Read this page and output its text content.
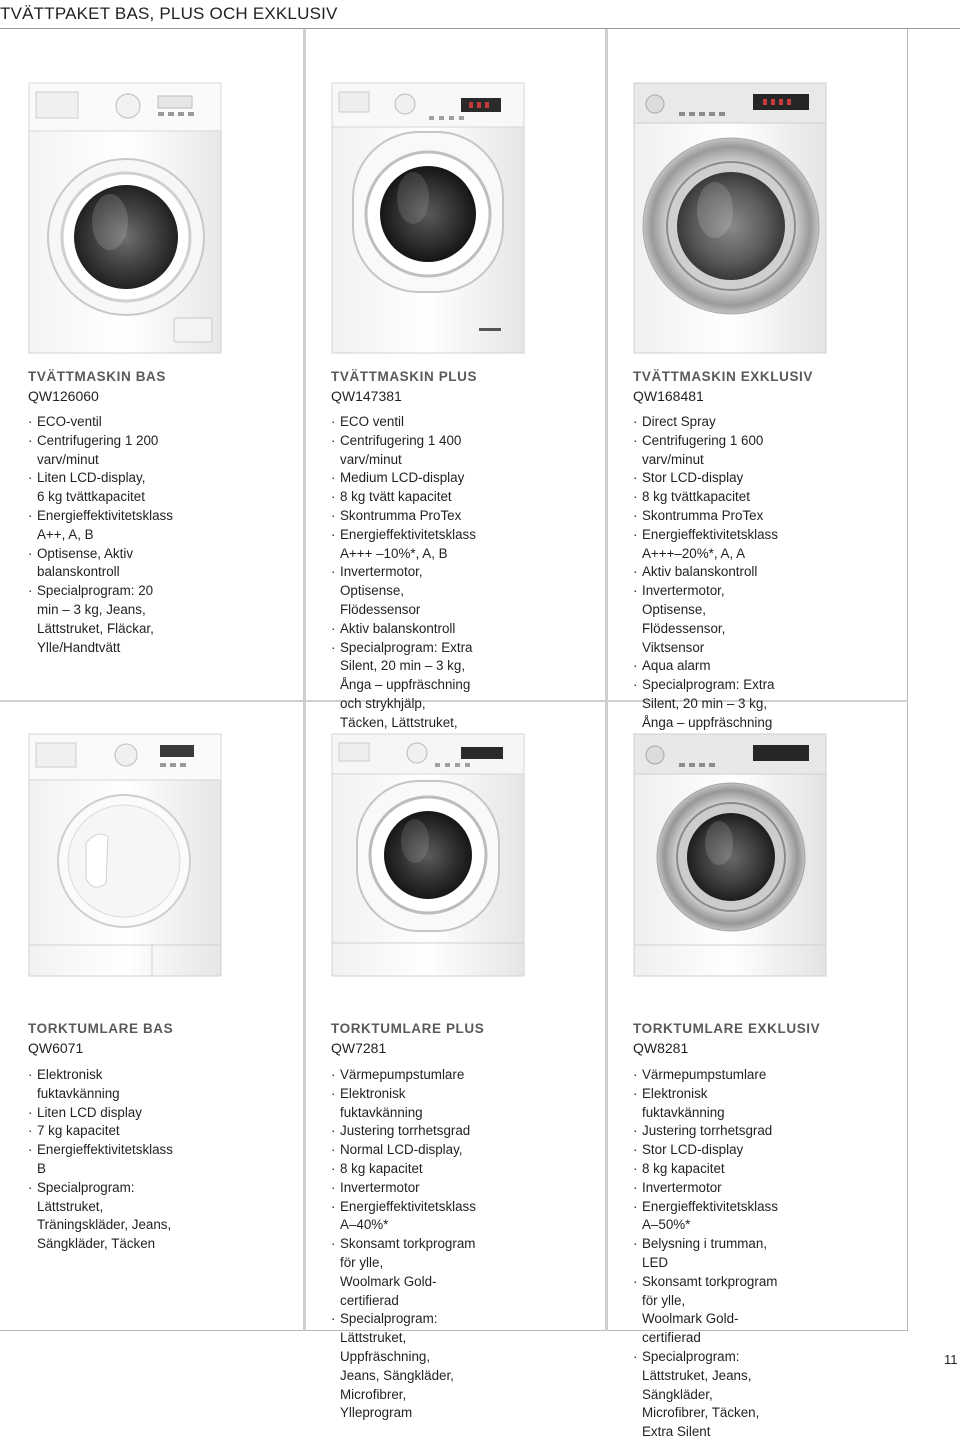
TVÄTTPAKET BAS, PLUS OCH EXKLUSIV
TVÄTTMASKIN BAS
QW126060
· ECO-ventil
· Centrifugering 1 200 varv/minut
· Liten LCD-display,
6 kg tvättkapacitet
· Energieffektivitetsklass
A++, A, B
· Optisense, Aktiv balanskontroll
· Specialprogram: 20 min – 3 kg, Jeans,
Lättstruket, Fläckar, Ylle/Handtvätt
TVÄTTMASKIN PLUS
QW147381
· ECO ventil
· Centrifugering 1 400 varv/minut
· Medium LCD-display
· 8 kg tvätt kapacitet
· Skontrumma ProTex
· Energieffektivitetsklass A+++ –10%*, A, B
· Invertermotor, Optisense, Flödessensor
· Aktiv balanskontroll
· Specialprogram: Extra Silent, 20 min – 3 kg,
Ånga – uppfräschning och strykhjälp,
Täcken, Lättstruket,

TVÄTTMASKIN EXKLUSIV
QW168481
· Direct Spray
· Centrifugering 1 600 varv/minut
· Stor LCD-display
· 8 kg tvättkapacitet
· Skontrumma ProTex
· Energieffektivitetsklass A+++–20%*, A, A
· Aktiv balanskontroll
· Invertermotor, Optisense, Flödessensor,
Viktsensor
· Aqua alarm
· Specialprogram: Extra Silent, 20 min – 3 kg,
Ånga – uppfräschning

TORKTUMLARE BAS
QW6071
· Elektronisk fuktavkänning
· Liten LCD display
· 7 kg kapacitet
· Energieffektivitetsklass B
· Specialprogram: Lättstruket,
Träningskläder, Jeans, Sängkläder, Täcken
TORKTUMLARE PLUS
QW7281
· Värmepumpstumlare
· Elektronisk fuktavkänning
· Justering torrhetsgrad
· Normal LCD-display,
· 8 kg kapacitet
· Invertermotor
· Energieffektivitetsklass A–40%*
· Skonsamt torkprogram för ylle,
Woolmark Gold-certifierad
· Specialprogram: Lättstruket, Uppfräschning,
Jeans, Sängkläder, Microfibrer, Ylleprogram
TORKTUMLARE EXKLUSIV
QW8281
· Värmepumpstumlare
· Elektronisk fuktavkänning
· Justering torrhetsgrad
· Stor LCD-display
· 8 kg kapacitet
· Invertermotor
· Energieffektivitetsklass A–50%*
· Belysning i trumman, LED
· Skonsamt torkprogram för ylle,
Woolmark Gold-certifierad
· Specialprogram: Lättstruket, Jeans,
Sängkläder, Microfibrer, Täcken,
Extra Silent
11
